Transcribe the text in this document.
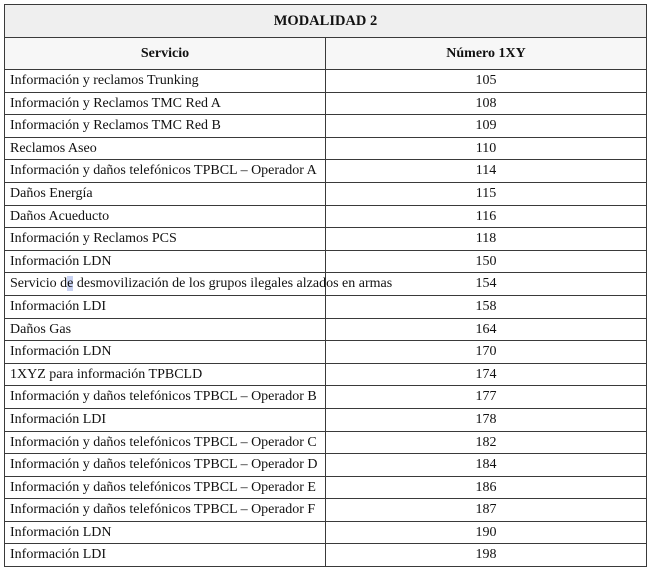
MODALIDAD 2	
Servicio	Número 1XY
Información y reclamos Trunking	105
Información y Reclamos TMC Red A	108
Información y Reclamos TMC Red B	109
Reclamos Aseo	110
Información y daños telefónicos TPBCL – Operador A	114
Daños Energía	115
Daños Acueducto	116
Información y Reclamos PCS	118
Información LDN	150
Servicio de desmovilización de los grupos ilegales alzados en armas	154
Información LDI	158
Daños Gas	164
Información LDN	170
1XYZ para información TPBCLD	174
Información y daños telefónicos TPBCL – Operador B	177
Información LDI	178
Información y daños telefónicos TPBCL – Operador C	182
Información y daños telefónicos TPBCL – Operador D	184
Información y daños telefónicos TPBCL – Operador E	186
Información y daños telefónicos TPBCL – Operador F	187
Información LDN	190
Información LDI	198
